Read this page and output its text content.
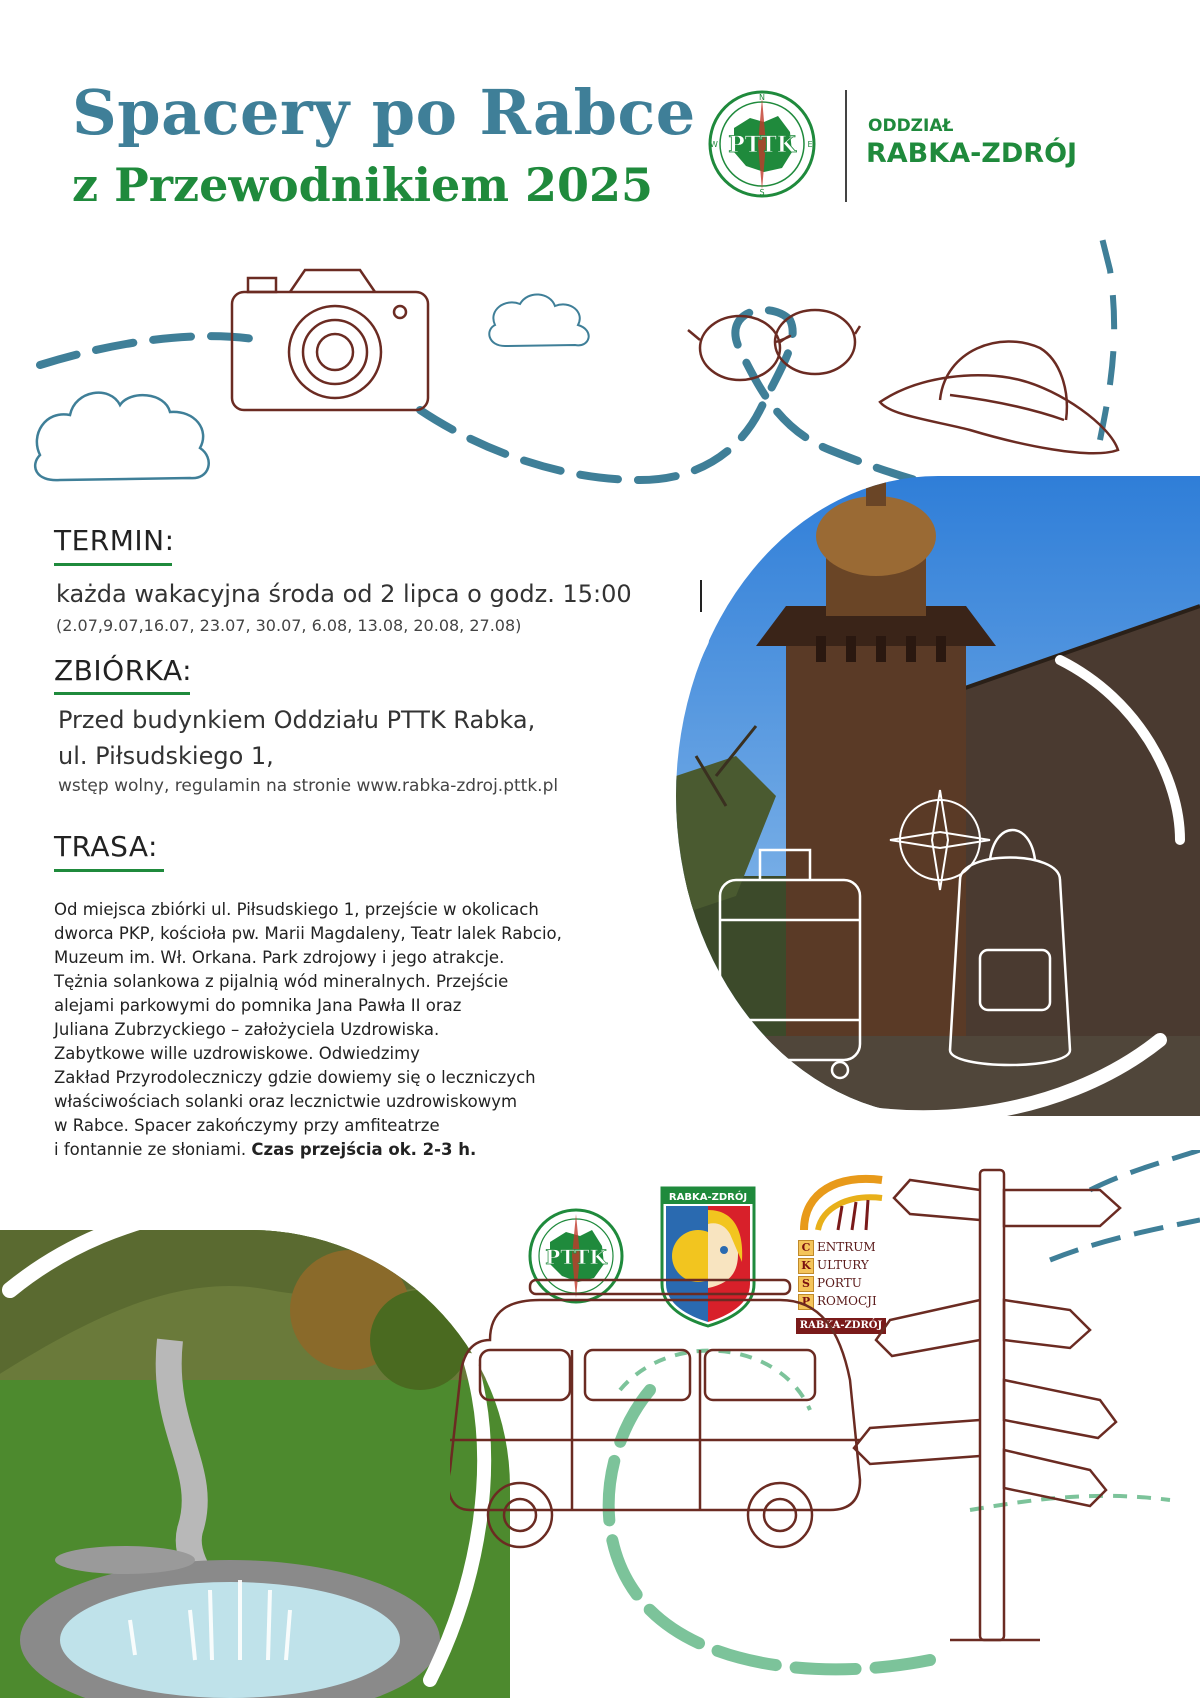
Spacery po Rabce
z Przewodnikiem 2025
PTTK
N
E
S
W
ODDZIAŁ
RABKA-ZDRÓJ
TERMIN:
każda wakacyjna środa od 2 lipca o godz. 15:00
(2.07,9.07,16.07, 23.07, 30.07, 6.08, 13.08, 20.08, 27.08)
ZBIÓRKA:
Przed budynkiem Oddziału PTTK Rabka,
ul. Piłsudskiego 1,
wstęp wolny, regulamin na stronie www.rabka-zdroj.pttk.pl
TRASA:
Od miejsca zbiórki ul. Piłsudskiego 1, przejście w okolicach
dworca PKP, kościoła pw. Marii Magdaleny, Teatr lalek Rabcio,
Muzeum im. Wł. Orkana. Park zdrojowy i jego atrakcje.
Tężnia solankowa z pijalnią wód mineralnych. Przejście
alejami parkowymi do pomnika Jana Pawła II oraz
Juliana Zubrzyckiego – założyciela Uzdrowiska.
Zabytkowe wille uzdrowiskowe. Odwiedzimy
Zakład Przyrodoleczniczy gdzie dowiemy się o leczniczych
właściwościach solanki oraz lecznictwie uzdrowiskowym
w Rabce. Spacer zakończymy przy amfiteatrze
i fontannie ze słoniami. Czas przejścia ok. 2-3 h.
PTTK
RABKA-ZDRÓJ
C ENTRUM
K ULTURY
S PORTU
P ROMOCJI
RABKA-ZDRÓJ
